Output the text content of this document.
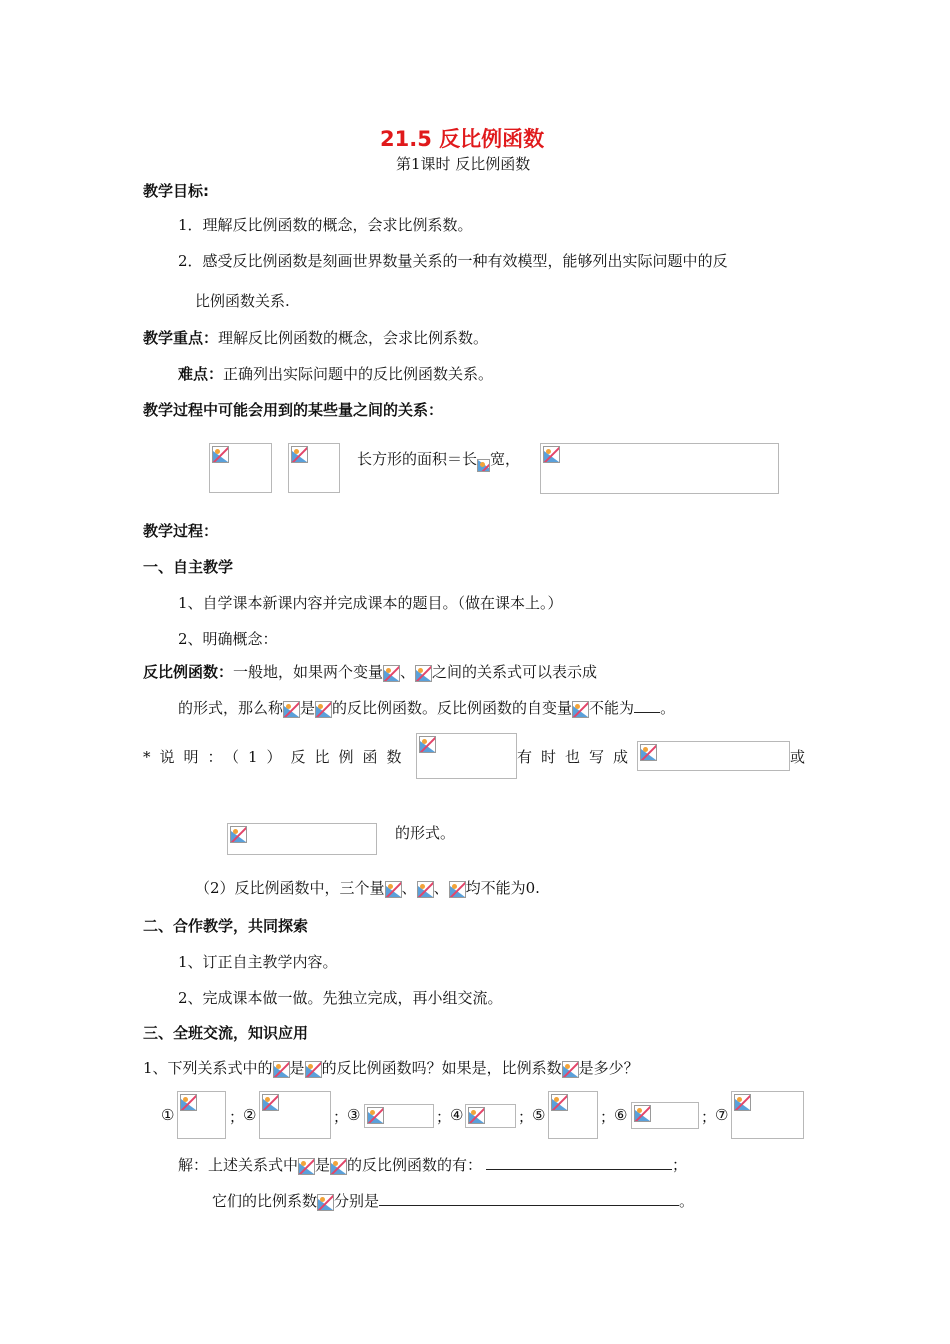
21.5 反比例函数
第1课时 反比例函数
教学目标:
1．理解反比例函数的概念，会求比例系数。
2．感受反比例函数是刻画世界数量关系的一种有效模型，能够列出实际问题中的反
比例函数关系.
教学重点：理解反比例函数的概念，会求比例系数。
难点：正确列出实际问题中的反比例函数关系。
教学过程中可能会用到的某些量之间的关系：
长方形的面积＝长 宽，
教学过程：
一、自主教学
1、自学课本新课内容并完成课本的题目。（做在课本上。）
2、明确概念：
反比例函数：一般地，如果两个变量 、 之间的关系式可以表示成
的形式，那么称 是 的反比例函数。反比例函数的自变量 不能为 。
*说明：（1）反比例函数	有时也写成	或
的形式。
（2）反比例函数中，三个量 、 、 均不能为0.
二、合作教学，共同探索
1、订正自主教学内容。
2、完成课本做一做。先独立完成，再小组交流。
三、全班交流，知识应用
1、下列关系式中的 是 的反比例函数吗？如果是，比例系数 是多少？
①	；
②	；
③	；
④	；
⑤	；
⑥	；
⑦
解：上述关系式中 是 的反比例函数的有：	；
它们的比例系数 分别是	。
